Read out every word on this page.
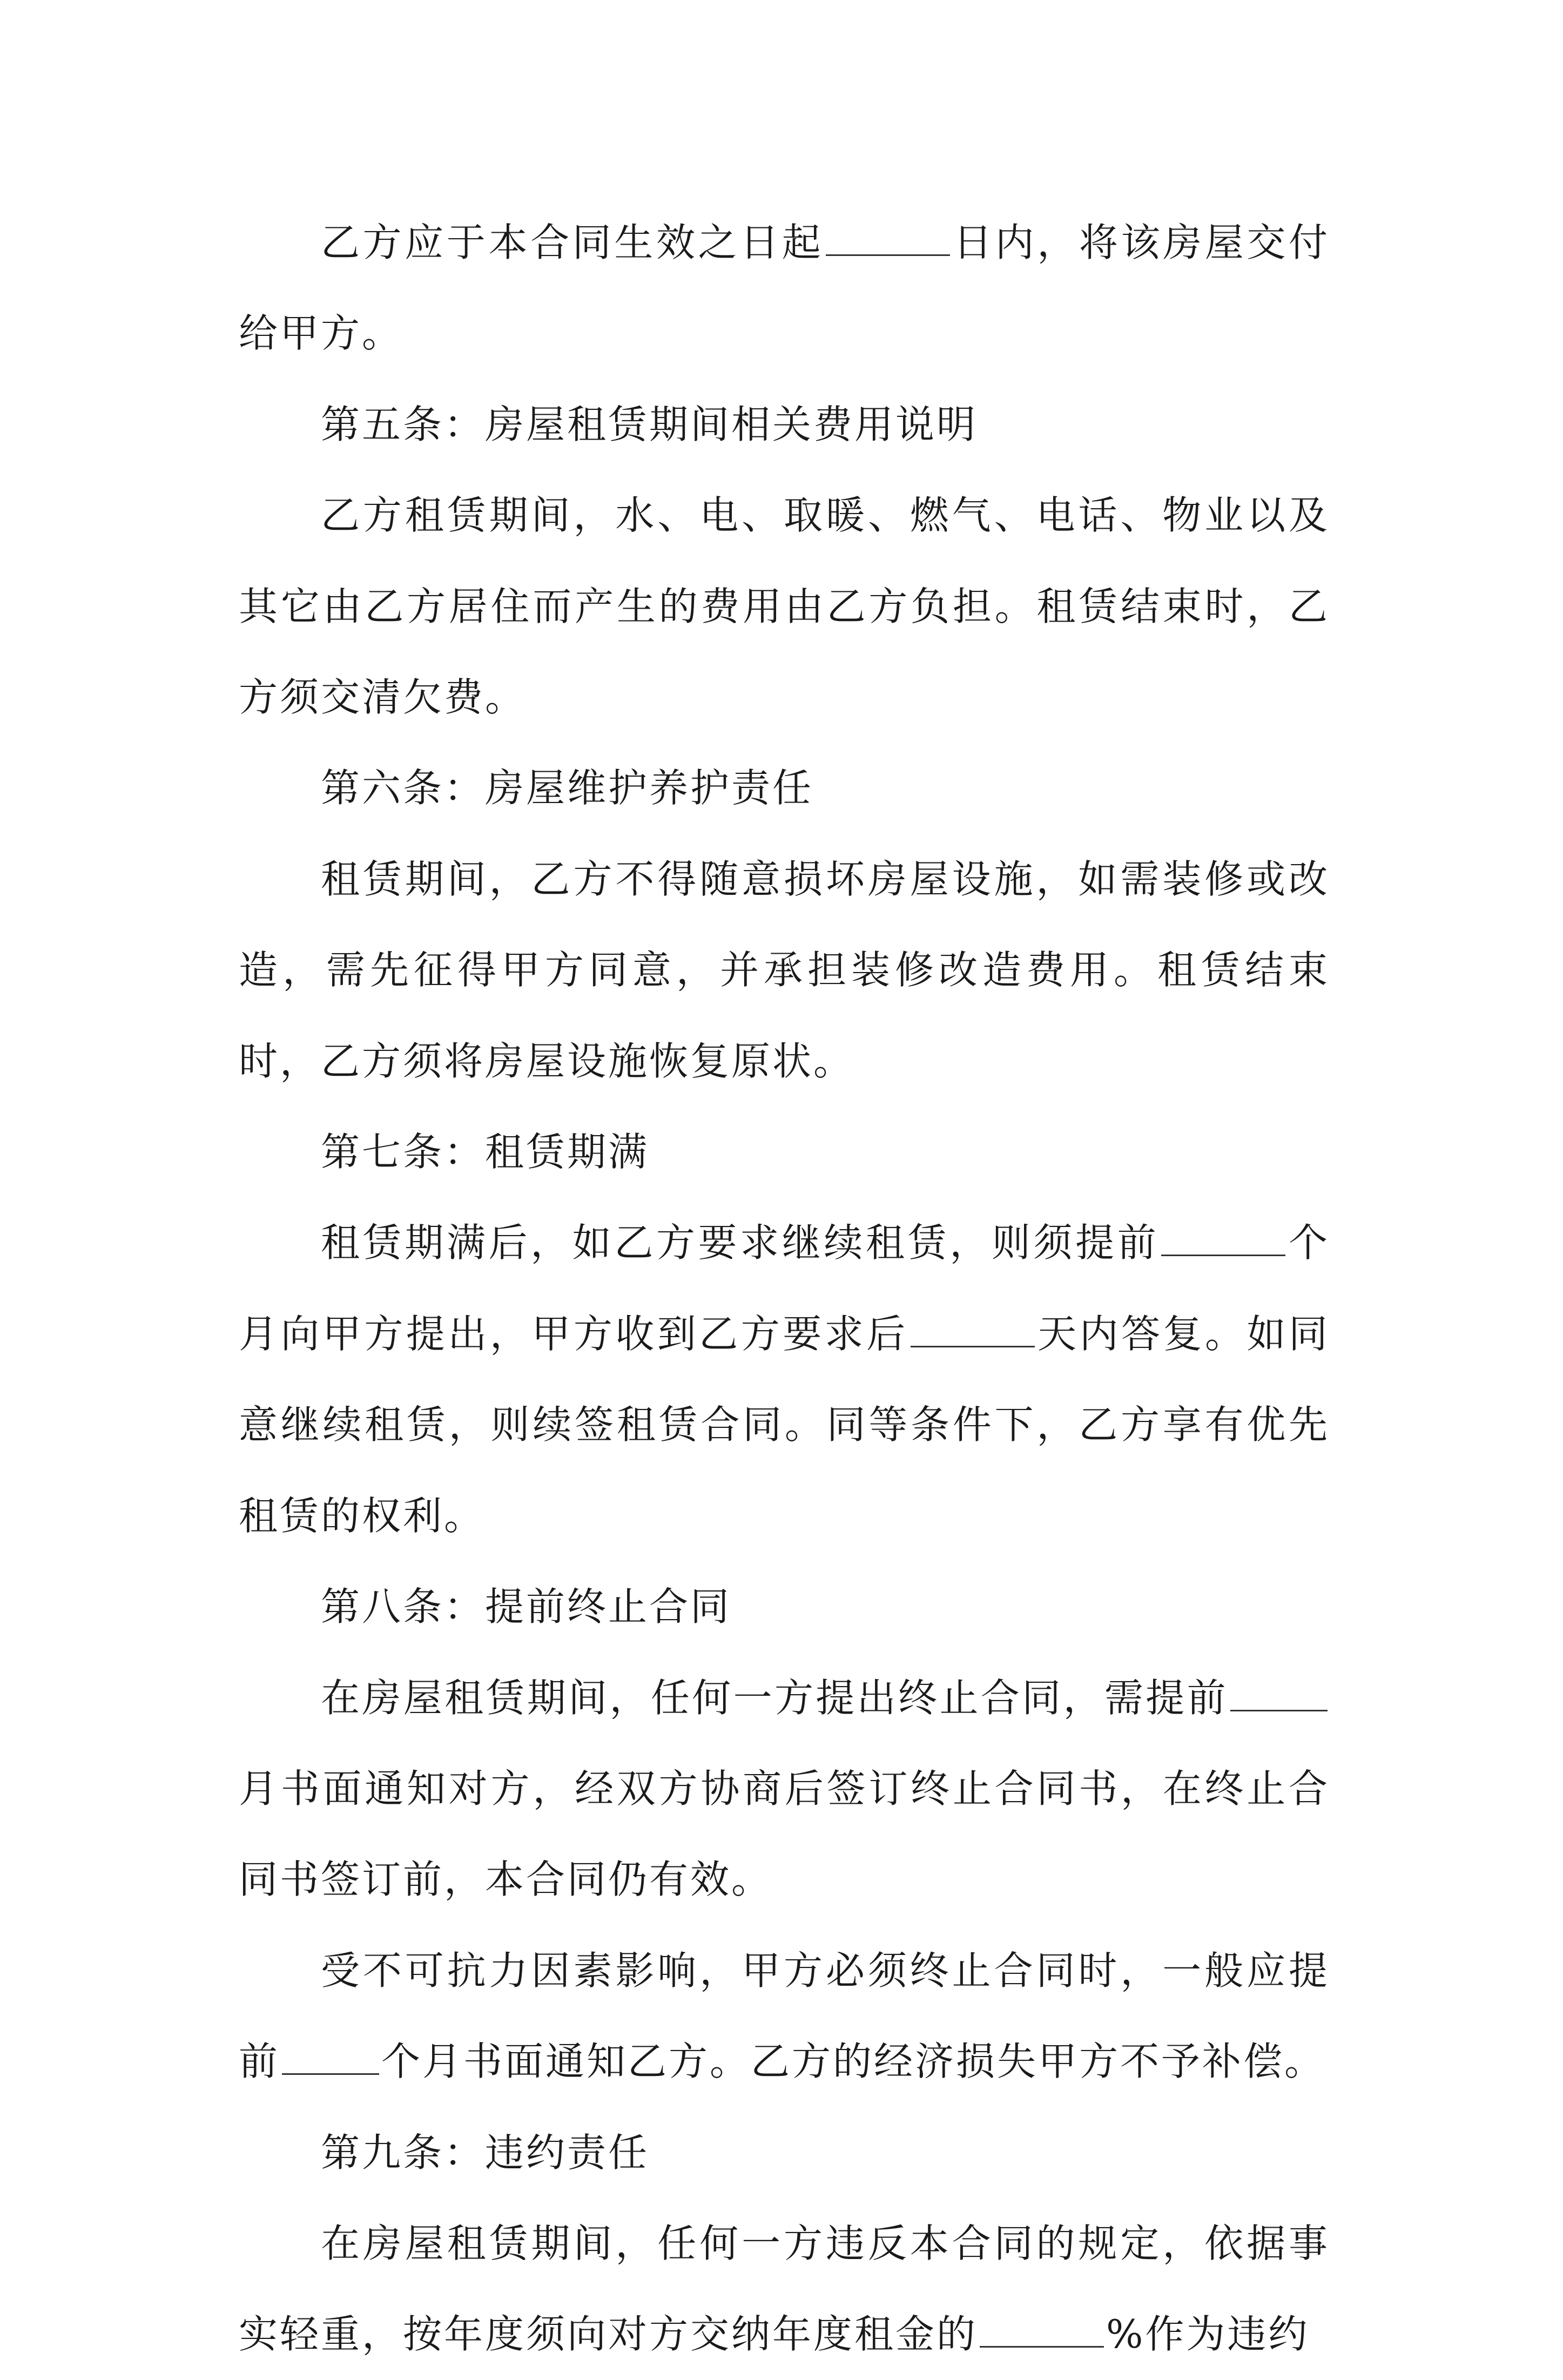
乙方应于本合同生效之日起	日内，将该房屋交付给甲方。

第五条：房屋租赁期间相关费用说明

乙方租赁期间，水、电、取暖、燃气、电话、物业以及其它由乙方居住而产生的费用由乙方负担。租赁结束时，乙方须交清欠费。

第六条：房屋维护养护责任

租赁期间，乙方不得随意损坏房屋设施，如需装修或改造，需先征得甲方同意，并承担装修改造费用。租赁结束时，乙方须将房屋设施恢复原状。

第七条：租赁期满

租赁期满后，如乙方要求继续租赁，则须提前	个月向甲方提出，甲方收到乙方要求后	天内答复。如同意继续租赁，则续签租赁合同。同等条件下，乙方享有优先租赁的权利。

第八条：提前终止合同

在房屋租赁期间，任何一方提出终止合同，需提前月书面通知对方，经双方协商后签订终止合同书，在终止合同书签订前，本合同仍有效。

受不可抗力因素影响，甲方必须终止合同时，一般应提前	个月书面通知乙方。乙方的经济损失甲方不予补偿。

第九条：违约责任

在房屋租赁期间，任何一方违反本合同的规定，依据事实轻重，按年度须向对方交纳年度租金的	%作为违约
